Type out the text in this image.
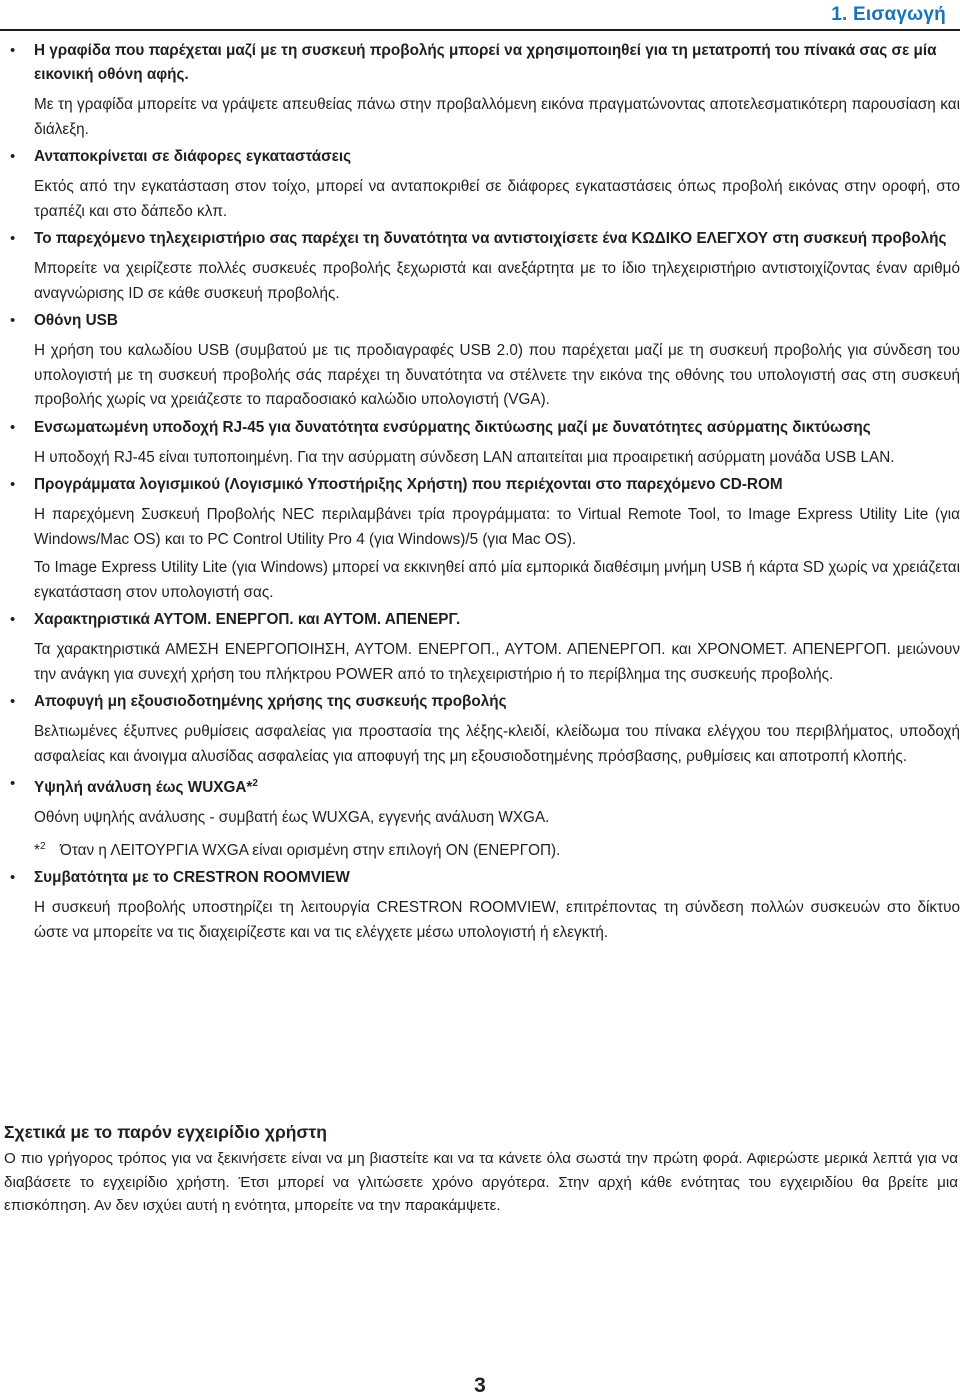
1. Εισαγωγή
• Η γραφίδα που παρέχεται μαζί με τη συσκευή προβολής μπορεί να χρησιμοποιηθεί για τη μετατροπή του πίνακά σας σε μία εικονική οθόνη αφής.

Με τη γραφίδα μπορείτε να γράψετε απευθείας πάνω στην προβαλλόμενη εικόνα πραγματώνοντας αποτελεσματικότερη παρουσίαση και διάλεξη.

• Ανταποκρίνεται σε διάφορες εγκαταστάσεις

Εκτός από την εγκατάσταση στον τοίχο, μπορεί να ανταποκριθεί σε διάφορες εγκαταστάσεις όπως προβολή εικόνας στην οροφή, στο τραπέζι και στο δάπεδο κλπ.

• Το παρεχόμενο τηλεχειριστήριο σας παρέχει τη δυνατότητα να αντιστοιχίσετε ένα ΚΩΔΙΚΟ ΕΛΕΓΧΟΥ στη συσκευή προβολής

Μπορείτε να χειρίζεστε πολλές συσκευές προβολής ξεχωριστά και ανεξάρτητα με το ίδιο τηλεχειριστήριο αντιστοιχίζοντας έναν αριθμό αναγνώρισης ID σε κάθε συσκευή προβολής.

• Οθόνη USB

Η χρήση του καλωδίου USB (συμβατού με τις προδιαγραφές USB 2.0) που παρέχεται μαζί με τη συσκευή προβολής για σύνδεση του υπολογιστή με τη συσκευή προβολής σάς παρέχει τη δυνατότητα να στέλνετε την εικόνα της οθόνης του υπολογιστή σας στη συσκευή προβολής χωρίς να χρειάζεστε το παραδοσιακό καλώδιο υπολογιστή (VGA).

• Ενσωματωμένη υποδοχή RJ-45 για δυνατότητα ενσύρματης δικτύωσης μαζί με δυνατότητες ασύρματης δικτύωσης

Η υποδοχή RJ-45 είναι τυποποιημένη. Για την ασύρματη σύνδεση LAN απαιτείται μια προαιρετική ασύρματη μονάδα USB LAN.

• Προγράμματα λογισμικού (Λογισμικό Υποστήριξης Χρήστη) που περιέχονται στο παρεχόμενο CD-ROM

Η παρεχόμενη Συσκευή Προβολής NEC περιλαμβάνει τρία προγράμματα: το Virtual Remote Tool, το Image Express Utility Lite (για Windows/Mac OS) και το PC Control Utility Pro 4 (για Windows)/5 (για Mac OS).

Το Image Express Utility Lite (για Windows) μπορεί να εκκινηθεί από μία εμπορικά διαθέσιμη μνήμη USB ή κάρτα SD χωρίς να χρειάζεται εγκατάσταση στον υπολογιστή σας.

• Χαρακτηριστικά ΑΥΤΟΜ. ΕΝΕΡΓΟΠ. και ΑΥΤΟΜ. ΑΠΕΝΕΡΓ.

Τα χαρακτηριστικά ΑΜΕΣΗ ΕΝΕΡΓΟΠΟΙΗΣΗ, ΑΥΤΟΜ. ΕΝΕΡΓΟΠ., ΑΥΤΟΜ. ΑΠΕΝΕΡΓΟΠ. και ΧΡΟΝΟΜΕΤ. ΑΠΕΝΕΡΓΟΠ. μειώνουν την ανάγκη για συνεχή χρήση του πλήκτρου POWER από το τηλεχειριστήριο ή το περίβλημα της συσκευής προβολής.

• Αποφυγή μη εξουσιοδοτημένης χρήσης της συσκευής προβολής

Βελτιωμένες έξυπνες ρυθμίσεις ασφαλείας για προστασία της λέξης-κλειδί, κλείδωμα του πίνακα ελέγχου του περιβλήματος, υποδοχή ασφαλείας και άνοιγμα αλυσίδας ασφαλείας για αποφυγή της μη εξουσιοδοτημένης πρόσβασης, ρυθμίσεις και αποτροπή κλοπής.

• Υψηλή ανάλυση έως WUXGA*$^2$

Οθόνη υψηλής ανάλυσης - συμβατή έως WUXGA, εγγενής ανάλυση WXGA.

*$^2$ Όταν η ΛΕΙΤΟΥΡΓΙΑ WXGA είναι ορισμένη στην επιλογή ON (ΕΝΕΡΓΟΠ).

• Συμβατότητα με το CRESTRON ROOMVIEW

Η συσκευή προβολής υποστηρίζει τη λειτουργία CRESTRON ROOMVIEW, επιτρέποντας τη σύνδεση πολλών συσκευών στο δίκτυο ώστε να μπορείτε να τις διαχειρίζεστε και να τις ελέγχετε μέσω υπολογιστή ή ελεγκτή.

Σχετικά με το παρόν εγχειρίδιο χρήστη

Ο πιο γρήγορος τρόπος για να ξεκινήσετε είναι να μη βιαστείτε και να τα κάνετε όλα σωστά την πρώτη φορά. Αφιερώστε μερικά λεπτά για να διαβάσετε το εγχειρίδιο χρήστη. Έτσι μπορεί να γλιτώσετε χρόνο αργότερα. Στην αρχή κάθε ενότητας του εγχειριδίου θα βρείτε μια επισκόπηση. Αν δεν ισχύει αυτή η ενότητα, μπορείτε να την παρακάμψετε.

3
